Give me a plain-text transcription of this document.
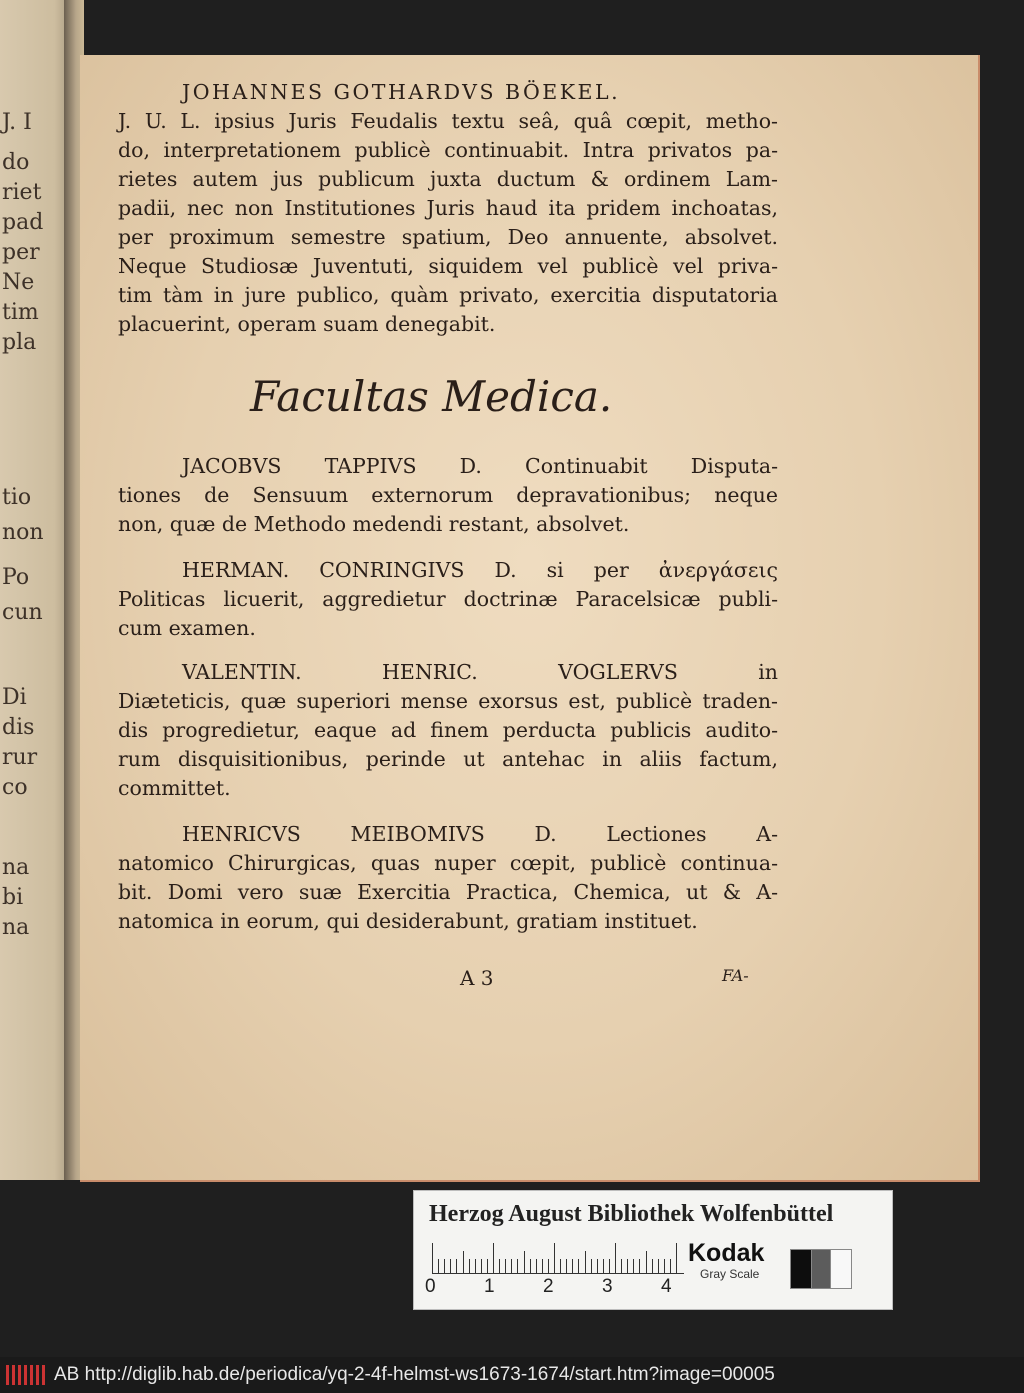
J. I
do
riet
pad
per
Ne
tim
pla
tio
non
Po
cun
Di
dis
rur
co
na
bi
na
JOHANNES GOTHARDVS BÖEKEL.
J. U. L. ipsius Juris Feudalis textu seâ, quâ cœpit, metho-
do, interpretationem publicè continuabit. Intra privatos pa-
rietes autem jus publicum juxta ductum & ordinem Lam-
padii, nec non Institutiones Juris haud ita pridem inchoatas,
per proximum semestre spatium, Deo annuente, absolvet.
Neque Studiosæ Juventuti, siquidem vel publicè vel priva-
tim tàm in jure publico, quàm privato, exercitia disputatoria
placuerint, operam suam denegabit.
Facultas Medica.
JACOBVS TAPPIVS D. Continuabit Disputa-
tiones de Sensuum externorum depravationibus; neque
non, quæ de Methodo medendi restant, absolvet.
HERMAN. CONRINGIVS D. si per ἀνεργάσεις
Politicas licuerit, aggredietur doctrinæ Paracelsicæ publi-
cum examen.
VALENTIN. HENRIC. VOGLERVS in
Diæteticis, quæ superiori mense exorsus est, publicè traden-
dis progredietur, eaque ad finem perducta publicis audito-
rum disquisitionibus, perinde ut antehac in aliis factum,
committet.
HENRICVS MEIBOMIVS D. Lectiones A-
natomico Chirurgicas, quas nuper cœpit, publicè continua-
bit. Domi vero suæ Exercitia Practica, Chemica, ut & A-
natomica in eorum, qui desiderabunt, gratiam instituet.
A 3	FA-
Herzog August Bibliothek Wolfenbüttel
0	1	2	3	4
Kodak
Gray Scale
AB http://diglib.hab.de/periodica/yq-2-4f-helmst-ws1673-1674/start.htm?image=00005
